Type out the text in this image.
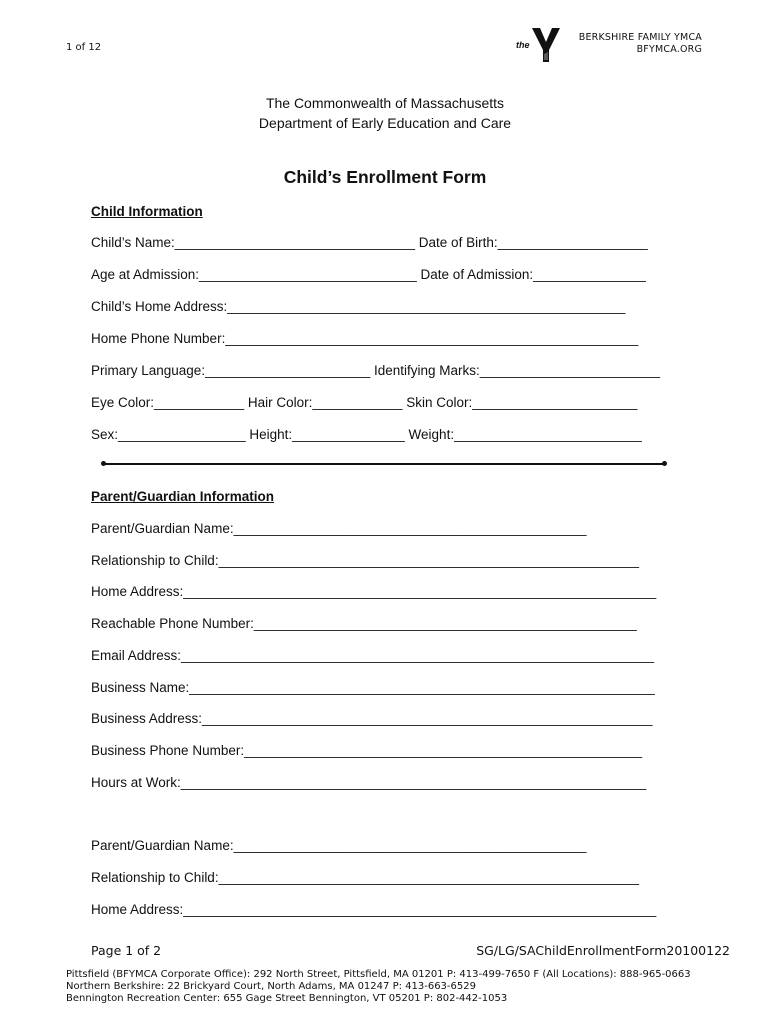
1 of 12	the
BERKSHIRE FAMILY YMCA
BFYMCA.ORG
The Commonwealth of Massachusetts
Department of Early Education and Care
Child’s Enrollment Form
Child Information
Child’s Name:________________________________ Date of Birth:____________________
Age at Admission:_____________________________ Date of Admission:_______________
Child’s Home Address:_____________________________________________________
Home Phone Number:_______________________________________________________
Primary Language:______________________ Identifying Marks:________________________
Eye Color:____________ Hair Color:____________ Skin Color:______________________
Sex:_________________ Height:_______________ Weight:_________________________
Parent/Guardian Information
Parent/Guardian Name:_______________________________________________
Relationship to Child:________________________________________________________
Home Address:_______________________________________________________________
Reachable Phone Number:___________________________________________________
Email Address:_______________________________________________________________
Business Name:______________________________________________________________
Business Address:____________________________________________________________
Business Phone Number:_____________________________________________________
Hours at Work:______________________________________________________________
Parent/Guardian Name:_______________________________________________
Relationship to Child:________________________________________________________
Home Address:_______________________________________________________________
Page 1 of 2	SG/LG/SAChildEnrollmentForm20100122
Pittsfield (BFYMCA Corporate Office): 292 North Street, Pittsfield, MA 01201 P: 413-499-7650 F (All Locations): 888-965-0663
Northern Berkshire: 22 Brickyard Court, North Adams, MA 01247 P: 413-663-6529
Bennington Recreation Center: 655 Gage Street Bennington, VT 05201 P: 802-442-1053
